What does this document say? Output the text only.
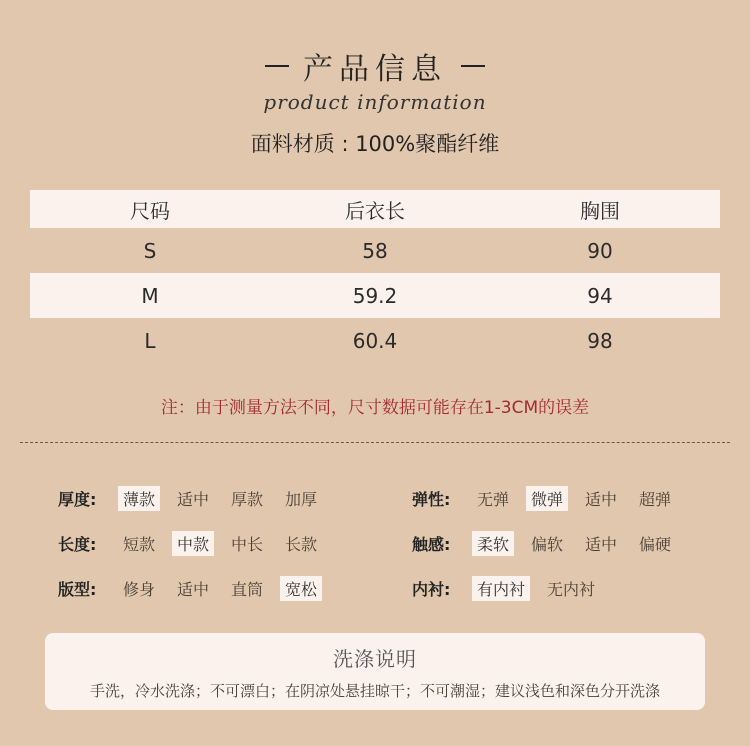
产品信息
product information
面料材质 : 100%聚酯纤维
尺码	后衣长	胸围
S	58	90
M	59.2	94
L	60.4	98
注：由于测量方法不同，尺寸数据可能存在1-3CM的误差
厚度:	薄款	适中	厚款	加厚
长度:	短款	中款	中长	长款
版型:	修身	适中	直筒	宽松
弹性:	无弹	微弹	适中	超弹
触感:	柔软	偏软	适中	偏硬
内衬:	有内衬	无内衬
洗涤说明
手洗，冷水洗涤；不可漂白；在阴凉处悬挂晾干；不可潮湿；建议浅色和深色分开洗涤
